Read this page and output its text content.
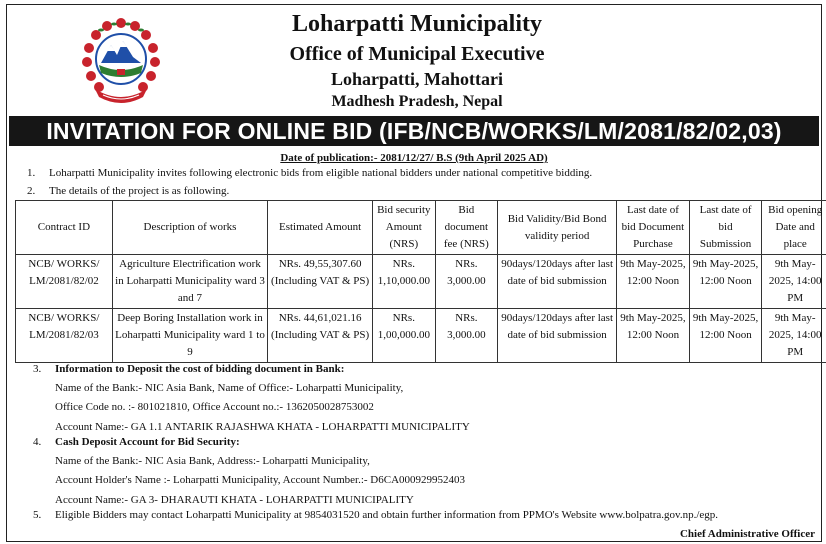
Loharpatti Municipality
Office of Municipal Executive
Loharpatti, Mahottari
Madhesh Pradesh, Nepal
INVITATION FOR ONLINE BID (IFB/NCB/WORKS/LM/2081/82/02,03)
Date of publication:- 2081/12/27/ B.S (9th April 2025 AD)
1. Loharpatti Municipality invites following electronic bids from eligible national bidders under national competitive bidding.
2. The details of the project is as following.
Contract ID	Description of works	Estimated Amount	Bid security Amount (NRS)	Bid document fee (NRS)	Bid Validity/Bid Bond validity period	Last date of bid Document Purchase	Last date of bid Submission	Bid opening Date and place
NCB/ WORKS/ LM/2081/82/02	Agriculture Electrification work in Loharpatti Municipality ward 3 and 7	NRs. 49,55,307.60 (Including VAT & PS)	NRs. 1,10,000.00	NRs. 3,000.00	90days/120days after last date of bid submission	9th May-2025, 12:00 Noon	9th May-2025, 12:00 Noon	9th May-2025, 14:00 PM
NCB/ WORKS/ LM/2081/82/03	Deep Boring Installation work in Loharpatti Municipality ward 1 to 9	NRs. 44,61,021.16 (Including VAT & PS)	NRs. 1,00,000.00	NRs. 3,000.00	90days/120days after last date of bid submission	9th May-2025, 12:00 Noon	9th May-2025, 12:00 Noon	9th May-2025, 14:00 PM
3. Information to Deposit the cost of bidding document in Bank:
Name of the Bank:- NIC Asia Bank, Name of Office:- Loharpatti Municipality,
Office Code no. :- 801021810, Office Account no.:- 1362050028753002
Account Name:- GA 1.1 ANTARIK RAJASHWA KHATA - LOHARPATTI MUNICIPALITY
4. Cash Deposit Account for Bid Security:
Name of the Bank:- NIC Asia Bank, Address:- Loharpatti Municipality,
Account Holder's Name :- Loharpatti Municipality, Account Number.:- D6CA000929952403
Account Name:- GA 3- DHARAUTI KHATA - LOHARPATTI MUNICIPALITY
5. Eligible Bidders may contact Loharpatti Municipality at 9854031520 and obtain further information from PPMO's Website www.bolpatra.gov.np./egp.
Chief Administrative Officer
